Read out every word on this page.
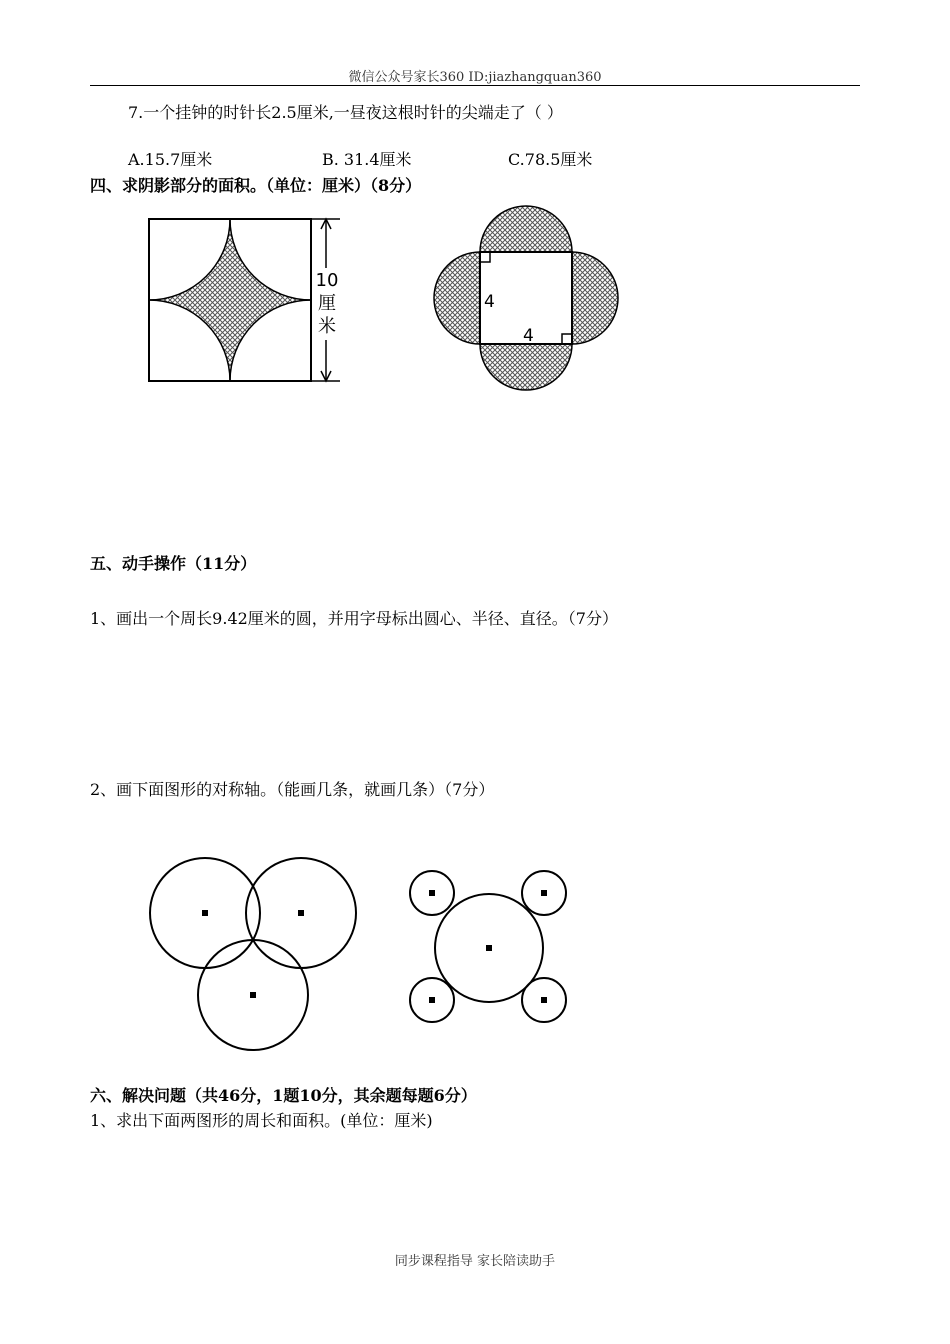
微信公众号家长360 ID:jiazhangquan360
7.一个挂钟的时针长2.5厘米,一昼夜这根时针的尖端走了（ ）
A.15.7厘米	B. 31.4厘米	C.78.5厘米
四、求阴影部分的面积。（单位：厘米）（8分）
10
厘
米
4
4
五、动手操作（11分）
1、画出一个周长9.42厘米的圆，并用字母标出圆心、半径、直径。（7分）
2、画下面图形的对称轴。（能画几条，就画几条）（7分）
六、解决问题（共46分，1题10分，其余题每题6分）
1、求出下面两图形的周长和面积。(单位：厘米)
同步课程指导 家长陪读助手
